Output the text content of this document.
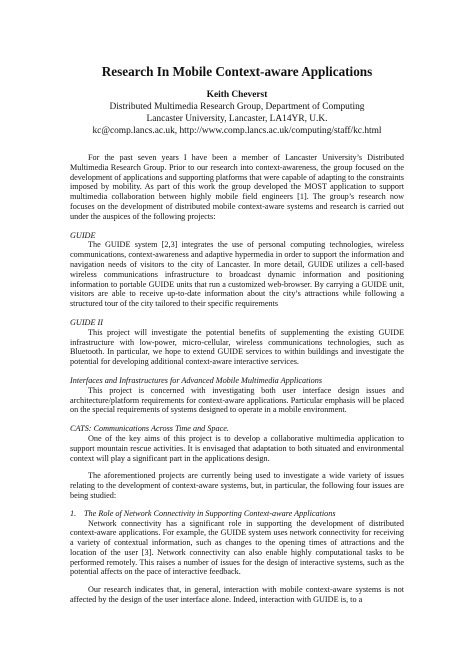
Research In Mobile Context-aware Applications
Keith Cheverst
Distributed Multimedia Research Group, Department of Computing
Lancaster University, Lancaster, LA14YR, U.K.
kc@comp.lancs.ac.uk, http://www.comp.lancs.ac.uk/computing/staff/kc.html

For the past seven years I have been a member of Lancaster University’s Distributed Multimedia Research Group. Prior to our research into context-awareness, the group focused on the development of applications and supporting platforms that were capable of adapting to the constraints imposed by mobility. As part of this work the group developed the MOST application to support multimedia collaboration between highly mobile field engineers [1]. The group’s research now focuses on the development of distributed mobile context-aware systems and research is carried out under the auspices of the following projects:

GUIDE

The GUIDE system [2,3] integrates the use of personal computing technologies, wireless communications, context-awareness and adaptive hypermedia in order to support the information and navigation needs of visitors to the city of Lancaster. In more detail, GUIDE utilizes a cell-based wireless communications infrastructure to broadcast dynamic information and positioning information to portable GUIDE units that run a customized web-browser. By carrying a GUIDE unit, visitors are able to receive up-to-date information about the city’s attractions while following a structured tour of the city tailored to their specific requirements

GUIDE II

This project will investigate the potential benefits of supplementing the existing GUIDE infrastructure with low-power, micro-cellular, wireless communications technologies, such as Bluetooth. In particular, we hope to extend GUIDE services to within buildings and investigate the potential for developing additional context-aware interactive services.

Interfaces and Infrastructures for Advanced Mobile Multimedia Applications

This project is concerned with investigating both user interface design issues and architecture/platform requirements for context-aware applications. Particular emphasis will be placed on the special requirements of systems designed to operate in a mobile environment.

CATS: Communications Across Time and Space.

One of the key aims of this project is to develop a collaborative multimedia application to support mountain rescue activities. It is envisaged that adaptation to both situated and environmental context will play a significant part in the applications design.

The aforementioned projects are currently being used to investigate a wide variety of issues relating to the development of context-aware systems, but, in particular, the following four issues are being studied:

1. The Role of Network Connectivity in Supporting Context-aware Applications

Network connectivity has a significant role in supporting the development of distributed context-aware applications. For example, the GUIDE system uses network connectivity for receiving a variety of contextual information, such as changes to the opening times of attractions and the location of the user [3]. Network connectivity can also enable highly computational tasks to be performed remotely. This raises a number of issues for the design of interactive systems, such as the potential affects on the pace of interactive feedback.

Our research indicates that, in general, interaction with mobile context-aware systems is not affected by the design of the user interface alone. Indeed, interaction with GUIDE is, to a
